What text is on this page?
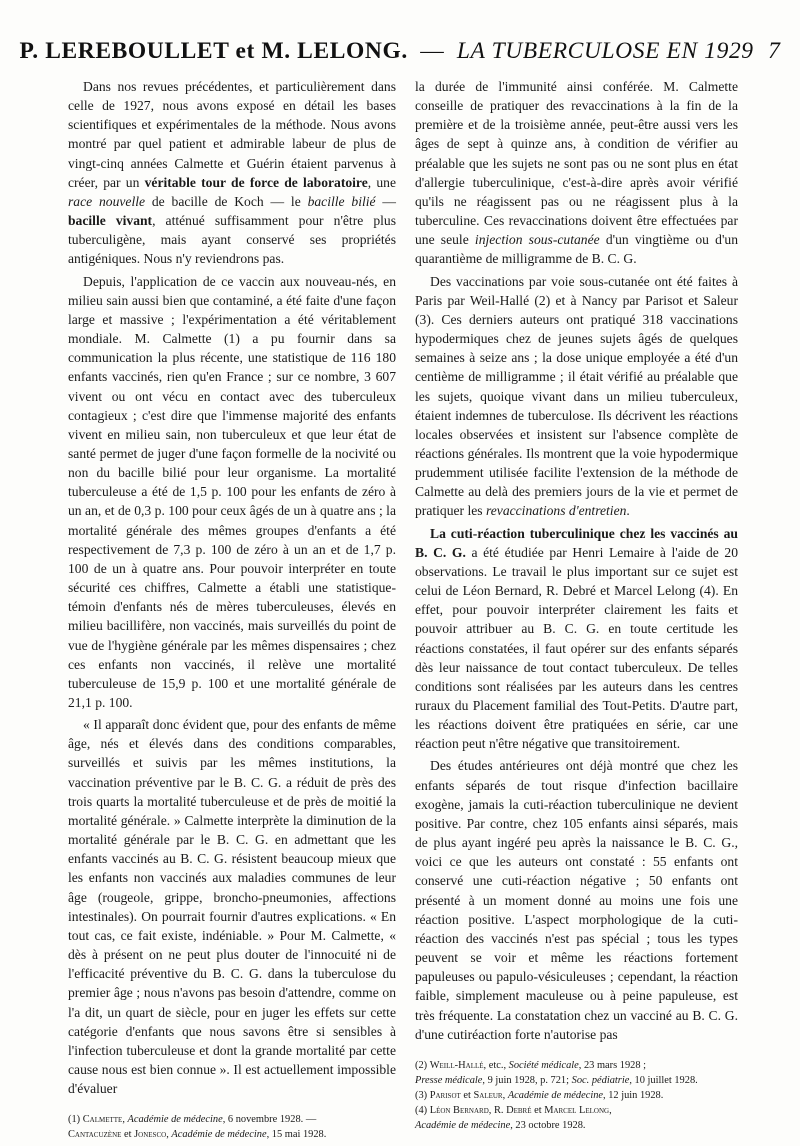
P. LEREBOULLET et M. LELONG. — LA TUBERCULOSE EN 1929 7

Dans nos revues précédentes, et particulièrement dans celle de 1927, nous avons exposé en détail les bases scientifiques et expérimentales de la méthode. Nous avons montré par quel patient et admirable labeur de plus de vingt-cinq années Calmette et Guérin étaient parvenus à créer, par un véritable tour de force de laboratoire, une race nouvelle de bacille de Koch — le bacille bilié — bacille vivant, atténué suffisamment pour n'être plus tuberculigène, mais ayant conservé ses propriétés antigéniques. Nous n'y reviendrons pas.

Depuis, l'application de ce vaccin aux nouveau-nés, en milieu sain aussi bien que contaminé, a été faite d'une façon large et massive ; l'expérimentation a été véritablement mondiale. M. Calmette (1) a pu fournir dans sa communication la plus récente, une statistique de 116 180 enfants vaccinés, rien qu'en France ; sur ce nombre, 3 607 vivent ou ont vécu en contact avec des tuberculeux contagieux ; c'est dire que l'immense majorité des enfants vivent en milieu sain, non tuberculeux et que leur état de santé permet de juger d'une façon formelle de la nocivité ou non du bacille bilié pour leur organisme. La mortalité tuberculeuse a été de 1,5 p. 100 pour les enfants de zéro à un an, et de 0,3 p. 100 pour ceux âgés de un à quatre ans ; la mortalité générale des mêmes groupes d'enfants a été respectivement de 7,3 p. 100 de zéro à un an et de 1,7 p. 100 de un à quatre ans. Pour pouvoir interpréter en toute sécurité ces chiffres, Calmette a établi une statistique-témoin d'enfants nés de mères tuberculeuses, élevés en milieu bacillifère, non vaccinés, mais surveillés du point de vue de l'hygiène générale par les mêmes dispensaires ; chez ces enfants non vaccinés, il relève une mortalité tuberculeuse de 15,9 p. 100 et une mortalité générale de 21,1 p. 100.

« Il apparaît donc évident que, pour des enfants de même âge, nés et élevés dans des conditions comparables, surveillés et suivis par les mêmes institutions, la vaccination préventive par le B. C. G. a réduit de près des trois quarts la mortalité tuberculeuse et de près de moitié la mortalité générale. » Calmette interprète la diminution de la mortalité générale par le B. C. G. en admettant que les enfants vaccinés au B. C. G. résistent beaucoup mieux que les enfants non vaccinés aux maladies communes de leur âge (rougeole, grippe, broncho-pneumonies, affections intestinales). On pourrait fournir d'autres explications. « En tout cas, ce fait existe, indéniable. » Pour M. Calmette, « dès à présent on ne peut plus douter de l'innocuité ni de l'efficacité préventive du B. C. G. dans la tuberculose du premier âge ; nous n'avons pas besoin d'attendre, comme on l'a dit, un quart de siècle, pour en juger les effets sur cette catégorie d'enfants que nous savons être si sensibles à l'infection tuberculeuse et dont la grande mortalité par cette cause nous est bien connue ». Il est actuellement impossible d'évaluer

(1) Calmette, Académie de médecine, 6 novembre 1928. —
Cantacuzène et Jonesco, Académie de médecine, 15 mai 1928.

la durée de l'immunité ainsi conférée. M. Calmette conseille de pratiquer des revaccinations à la fin de la première et de la troisième année, peut-être aussi vers les âges de sept à quinze ans, à condition de vérifier au préalable que les sujets ne sont pas ou ne sont plus en état d'allergie tuberculinique, c'est-à-dire après avoir vérifié qu'ils ne réagissent pas ou ne réagissent plus à la tuberculine. Ces revaccinations doivent être effectuées par une seule injection sous-cutanée d'un vingtième ou d'un quarantième de milligramme de B. C. G.

Des vaccinations par voie sous-cutanée ont été faites à Paris par Weil-Hallé (2) et à Nancy par Parisot et Saleur (3). Ces derniers auteurs ont pratiqué 318 vaccinations hypodermiques chez de jeunes sujets âgés de quelques semaines à seize ans ; la dose unique employée a été d'un centième de milligramme ; il était vérifié au préalable que les sujets, quoique vivant dans un milieu tuberculeux, étaient indemnes de tuberculose. Ils décrivent les réactions locales observées et insistent sur l'absence complète de réactions générales. Ils montrent que la voie hypodermique prudemment utilisée facilite l'extension de la méthode de Calmette au delà des premiers jours de la vie et permet de pratiquer les revaccinations d'entretien.

La cuti-réaction tuberculinique chez les vaccinés au B. C. G. a été étudiée par Henri Lemaire à l'aide de 20 observations. Le travail le plus important sur ce sujet est celui de Léon Bernard, R. Debré et Marcel Lelong (4). En effet, pour pouvoir interpréter clairement les faits et pouvoir attribuer au B. C. G. en toute certitude les réactions constatées, il faut opérer sur des enfants séparés dès leur naissance de tout contact tuberculeux. De telles conditions sont réalisées par les auteurs dans les centres ruraux du Placement familial des Tout-Petits. D'autre part, les réactions doivent être pratiquées en série, car une réaction peut n'être négative que transitoirement.

Des études antérieures ont déjà montré que chez les enfants séparés de tout risque d'infection bacillaire exogène, jamais la cuti-réaction tuberculinique ne devient positive. Par contre, chez 105 enfants ainsi séparés, mais de plus ayant ingéré peu après la naissance le B. C. G., voici ce que les auteurs ont constaté : 55 enfants ont conservé une cuti-réaction négative ; 50 enfants ont présenté à un moment donné au moins une fois une réaction positive. L'aspect morphologique de la cuti-réaction des vaccinés n'est pas spécial ; tous les types peuvent se voir et même les réactions fortement papuleuses ou papulo-vésiculeuses ; cependant, la réaction faible, simplement maculeuse ou à peine papuleuse, est très fréquente. La constatation chez un vacciné au B. C. G. d'une cutiréaction forte n'autorise pas

(2) Weill-Hallé, etc., Société médicale, 23 mars 1928 ;
Presse médicale, 9 juin 1928, p. 721; Soc. pédiatrie, 10 juillet 1928.
(3) Parisot et Saleur, Académie de médecine, 12 juin 1928.
(4) Léon Bernard, R. Debré et Marcel Lelong,
Académie de médecine, 23 octobre 1928.
